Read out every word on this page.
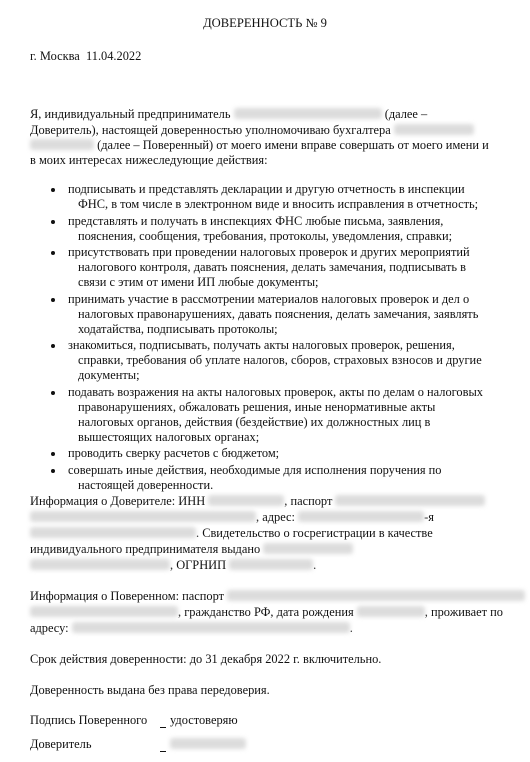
ДОВЕРЕННОСТЬ № 9
г. Москва 11.04.2022
Я, индивидуальный предприниматель	(далее –
Доверитель), настоящей доверенностью уполномочиваю бухгалтера
(далее – Поверенный) от моего имени вправе совершать от моего имени и
в моих интересах нижеследующие действия:
подписывать и представлять декларации и другую отчетность в инспекции
ФНС, в том числе в электронном виде и вносить исправления в отчетность;
представлять и получать в инспекциях ФНС любые письма, заявления,
пояснения, сообщения, требования, протоколы, уведомления, справки;
присутствовать при проведении налоговых проверок и других мероприятий
налогового контроля, давать пояснения, делать замечания, подписывать в
связи с этим от имени ИП любые документы;
принимать участие в рассмотрении материалов налоговых проверок и дел о
налоговых правонарушениях, давать пояснения, делать замечания, заявлять
ходатайства, подписывать протоколы;
знакомиться, подписывать, получать акты налоговых проверок, решения,
справки, требования об уплате налогов, сборов, страховых взносов и другие
документы;
подавать возражения на акты налоговых проверок, акты по делам о налоговых
правонарушениях, обжаловать решения, иные ненормативные акты
налоговых органов, действия (бездействие) их должностных лиц в
вышестоящих налоговых органах;
проводить сверку расчетов с бюджетом;
совершать иные действия, необходимые для исполнения поручения по
настоящей доверенности.
Информация о Доверителе: ИНН	, паспорт
, адрес:	-я
. Свидетельство о госрегистрации в качестве
индивидуального предпринимателя выдано
, ОГРНИП	.
Информация о Поверенном: паспорт
, гражданство РФ, дата рождения	, проживает по
адресу:	.
Срок действия доверенности: до 31 декабря 2022 г. включительно.
Доверенность выдана без права передоверия.
Подпись Поверенного удостоверяю
Доверитель
